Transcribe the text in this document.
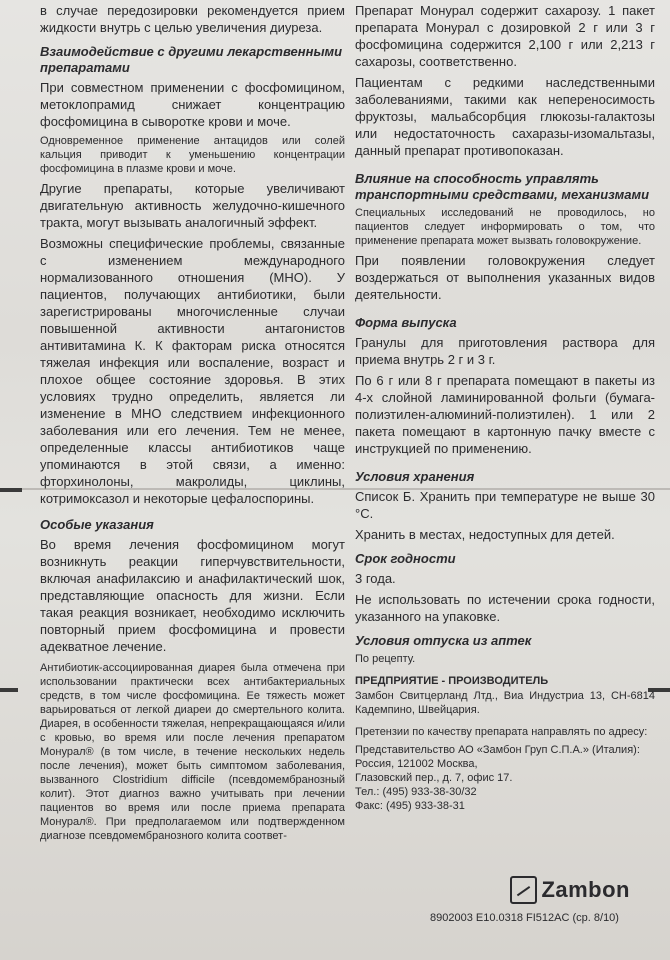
в случае передозировки рекомендуется прием жидкости внутрь с целью увеличения диуреза.

Взаимодействие с другими лекарственными препаратами

При совместном применении с фосфомицином, метоклопрамид снижает концентрацию фосфомицина в сыворотке крови и моче.

Одновременное применение антацидов или солей кальция приводит к уменьшению концентрации фосфомицина в плазме крови и моче.

Другие препараты, которые увеличивают двигательную активность желудочно-кишечного тракта, могут вызывать аналогичный эффект.

Возможны специфические проблемы, связанные с изменением международного нормализованного отношения (МНО). У пациентов, получающих антибиотики, были зарегистрированы многочисленные случаи повышенной активности антагонистов антивитамина К. К факторам риска относятся тяжелая инфекция или воспаление, возраст и плохое общее состояние здоровья. В этих условиях трудно определить, является ли изменение в МНО следствием инфекционного заболевания или его лечения. Тем не менее, определенные классы антибиотиков чаще упоминаются в этой связи, а именно: фторхинолоны, макролиды, циклины, котримоксазол и некоторые цефалоспорины.

Особые указания

Во время лечения фосфомицином могут возникнуть реакции гиперчувствительности, включая анафилаксию и анафилактический шок, представляющие опасность для жизни. Если такая реакция возникает, необходимо исключить повторный прием фосфомицина и провести адекватное лечение.

Антибиотик-ассоциированная диарея была отмечена при использовании практически всех антибактериальных средств, в том числе фосфомицина. Ее тяжесть может варьироваться от легкой диареи до смертельного колита. Диарея, в особенности тяжелая, непрекращающаяся и/или с кровью, во время или после лечения препаратом Монурал® (в том числе, в течение нескольких недель после лечения), может быть симптомом заболевания, вызванного Clostridium difficile (псевдомембранозный колит). Этот диагноз важно учитывать при лечении пациентов во время или после приема препарата Монурал®. При предполагаемом или подтвержденном диагнозе псевдомембранозного колита соответ-

Препарат Монурал содержит сахарозу. 1 пакет препарата Монурал с дозировкой 2 г или 3 г фосфомицина содержится 2,100 г или 2,213 г сахарозы, соответственно.

Пациентам с редкими наследственными заболеваниями, такими как непереносимость фруктозы, мальабсорбция глюкозы-галактозы или недостаточность сахаразы-изомальтазы, данный препарат противопоказан.

Влияние на способность управлять транспортными средствами, механизмами

Специальных исследований не проводилось, но пациентов следует информировать о том, что применение препарата может вызвать головокружение.

При появлении головокружения следует воздержаться от выполнения указанных видов деятельности.

Форма выпуска

Гранулы для приготовления раствора для приема внутрь 2 г и 3 г.

По 6 г или 8 г препарата помещают в пакеты из 4-х слойной ламинированной фольги (бумага-полиэтилен-алюминий-полиэтилен). 1 или 2 пакета помещают в картонную пачку вместе с инструкцией по применению.

Условия хранения

Список Б. Хранить при температуре не выше 30 °С.

Хранить в местах, недоступных для детей.

Срок годности

3 года.

Не использовать по истечении срока годности, указанного на упаковке.

Условия отпуска из аптек

По рецепту.

ПРЕДПРИЯТИЕ - ПРОИЗВОДИТЕЛЬ

Замбон Свитцерланд Лтд., Виа Индустриа 13, СН-6814 Кадемпино, Швейцария.

Претензии по качеству препарата направлять по адресу:

Представительство АО «Замбон Груп С.П.А.» (Италия):

Россия, 121002 Москва,

Глазовский пер., д. 7, офис 17.

Тел.: (495) 933-38-30/32

Факс: (495) 933-38-31

Zambon
8902003 E10.0318 FI512AC (cp. 8/10)
